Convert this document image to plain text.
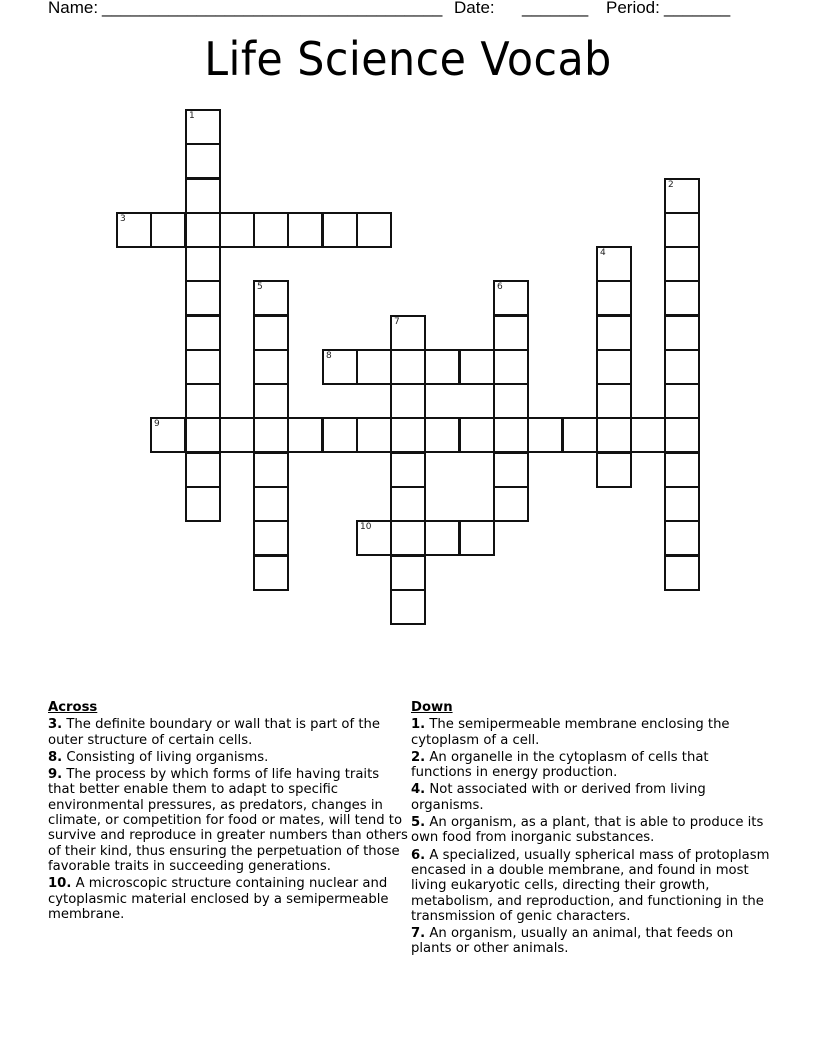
Name:

____________________________________

Date:

_______

Period:

_______

Life Science Vocab
1
2
3
4
5	6
7
8
9
10
Across
3. The definite boundary or wall that is part of the outer structure of certain cells.
8. Consisting of living organisms.
9. The process by which forms of life having traits that better enable them to adapt to specific environmental pressures, as predators, changes in climate, or competition for food or mates, will tend to survive and reproduce in greater numbers than others of their kind, thus ensuring the perpetuation of those favorable traits in succeeding generations.
10. A microscopic structure containing nuclear and cytoplasmic material enclosed by a semipermeable membrane.
Down
1. The semipermeable membrane enclosing the cytoplasm of a cell.
2. An organelle in the cytoplasm of cells that functions in energy production.
4. Not associated with or derived from living organisms.
5. An organism, as a plant, that is able to produce its own food from inorganic substances.
6. A specialized, usually spherical mass of protoplasm encased in a double membrane, and found in most living eukaryotic cells, directing their growth, metabolism, and reproduction, and functioning in the transmission of genic characters.
7. An organism, usually an animal, that feeds on plants or other animals.
